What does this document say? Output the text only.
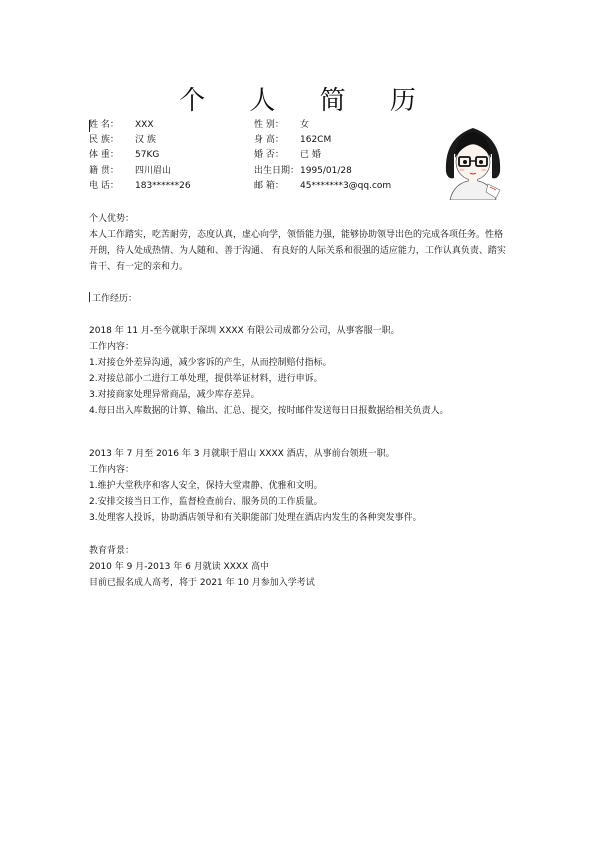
个 人 简 历
姓 名：	XXX	性 别：	女
民 族：	汉 族	身 高：	162CM
体 重：	57KG	婚 否：	已 婚
籍 贯：	四川眉山	出生日期： 1995/01/28
电 话：	183******26	邮 箱：	45*******3@qq.com

个人优势：

本人工作踏实，吃苦耐劳，态度认真，虚心向学，领悟能力强，能够协助领导出色的完成各项任务。性格开朗，待人处成热情、为人随和、善于沟通、 有良好的人际关系和很强的适应能力，工作认真负责、踏实肯干、有一定的亲和力。

工作经历：

2018 年 11 月-至今就职于深圳 XXXX 有限公司成都分公司，从事客服一职。

工作内容：

1.对接仓外差异沟通，减少客诉的产生，从而控制赔付指标。

2.对接总部小二进行工单处理，提供举证材料，进行申诉。

3.对接商家处理异常商品，减少库存差异。

4.每日出入库数据的计算、输出、汇总、提交，按时邮件发送每日日报数据给相关负责人。

2013 年 7 月至 2016 年 3 月就职于眉山 XXXX 酒店，从事前台领班一职。

工作内容：

1.维护大堂秩序和客人安全，保持大堂肃静、优雅和文明。

2.安排交接当日工作，监督检查前台、服务员的工作质量。

3.处理客人投诉，协助酒店领导和有关职能部门处理在酒店内发生的各种突发事件。

教育背景：

2010 年 9 月-2013 年 6 月就读 XXXX 高中

目前已报名成人高考，将于 2021 年 10 月参加入学考试
